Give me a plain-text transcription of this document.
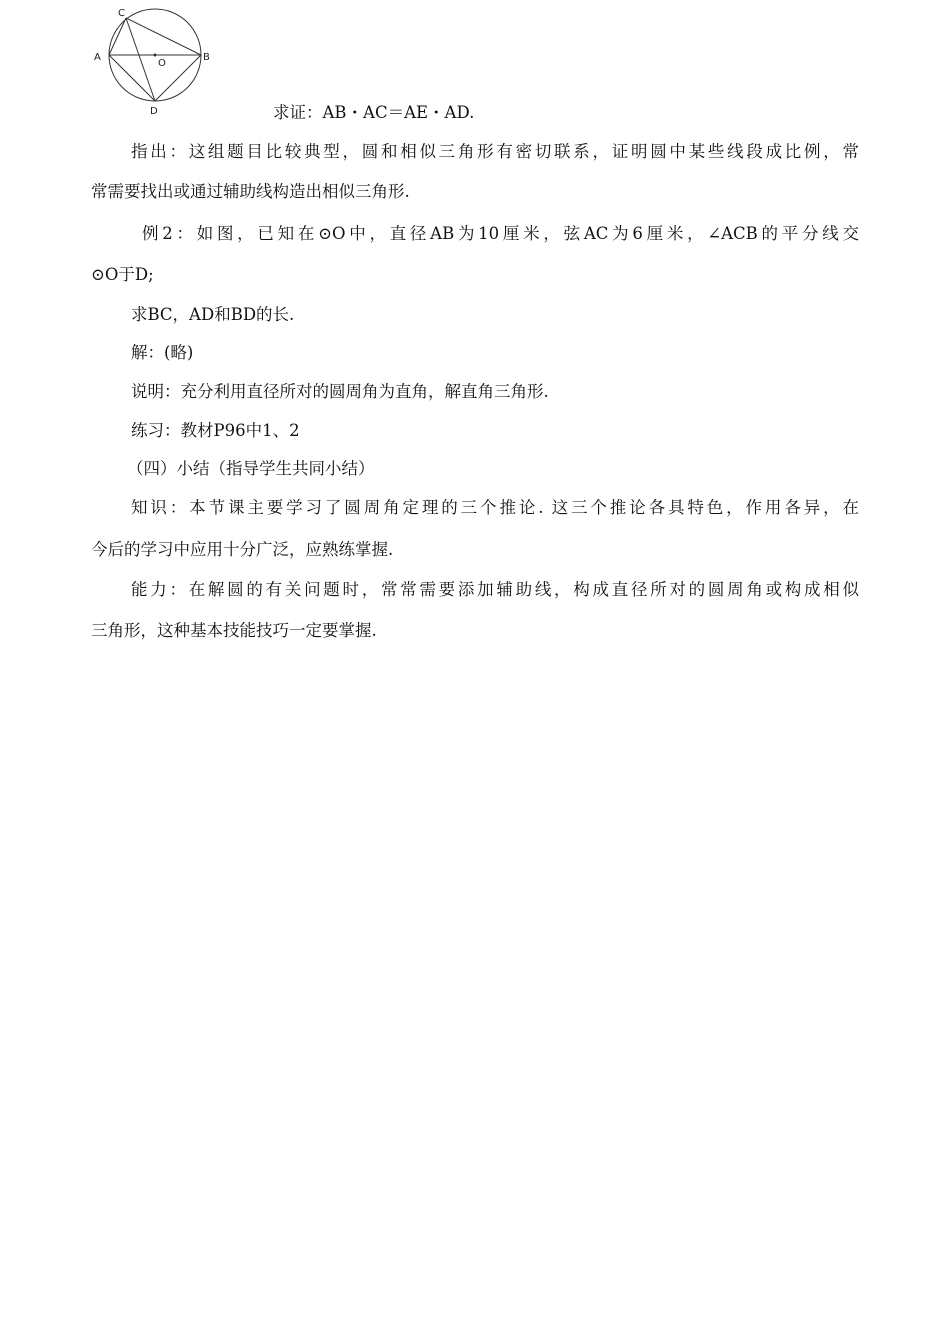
C
A	B
O
D	求证：AB・AC＝AE・AD.
指出：这组题目比较典型，圆和相似三角形有密切联系，证明圆中某些线段成比例，常
常需要找出或通过辅助线构造出相似三角形.
例2：如图，已知在⊙O中，直径AB为10厘米，弦AC为6厘米，∠ACB的平分线交
⊙O于D;
求BC，AD和BD的长.
解：(略)
说明：充分利用直径所对的圆周角为直角，解直角三角形.
练习：教材P96中1、2
（四）小结（指导学生共同小结）
知识：本节课主要学习了圆周角定理的三个推论. 这三个推论各具特色，作用各异，在
今后的学习中应用十分广泛，应熟练掌握.
能力：在解圆的有关问题时，常常需要添加辅助线，构成直径所对的圆周角或构成相似
三角形，这种基本技能技巧一定要掌握.
